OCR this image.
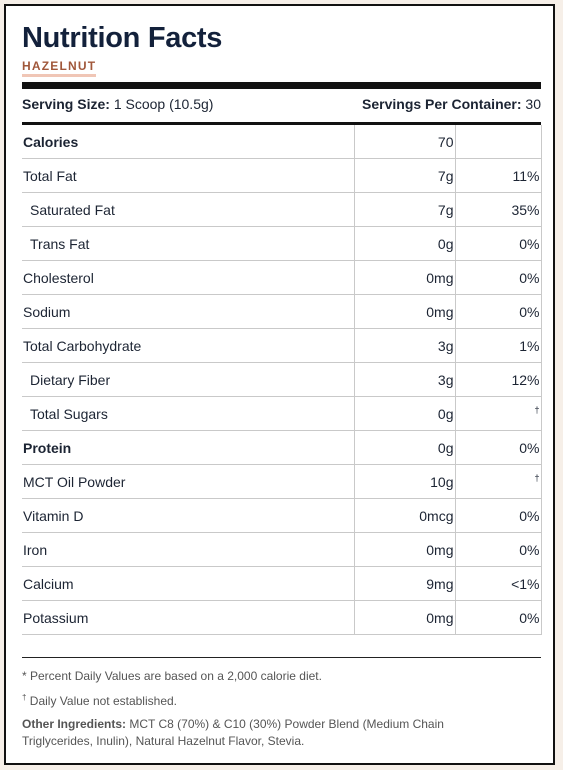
Nutrition Facts
HAZELNUT
Serving Size: 1 Scoop (10.5g)	Servings Per Container: 30
Calories	70	
Total Fat	7g	11%
Saturated Fat	7g	35%
Trans Fat	0g	0%
Cholesterol	0mg	0%
Sodium	0mg	0%
Total Carbohydrate	3g	1%
Dietary Fiber	3g	12%
Total Sugars	0g	†
Protein	0g	0%
MCT Oil Powder	10g	†
Vitamin D	0mcg	0%
Iron	0mg	0%
Calcium	9mg	<1%
Potassium	0mg	0%
* Percent Daily Values are based on a 2,000 calorie diet.
† Daily Value not established.
Other Ingredients: MCT C8 (70%) & C10 (30%) Powder Blend (Medium Chain Triglycerides, Inulin), Natural Hazelnut Flavor, Stevia.
